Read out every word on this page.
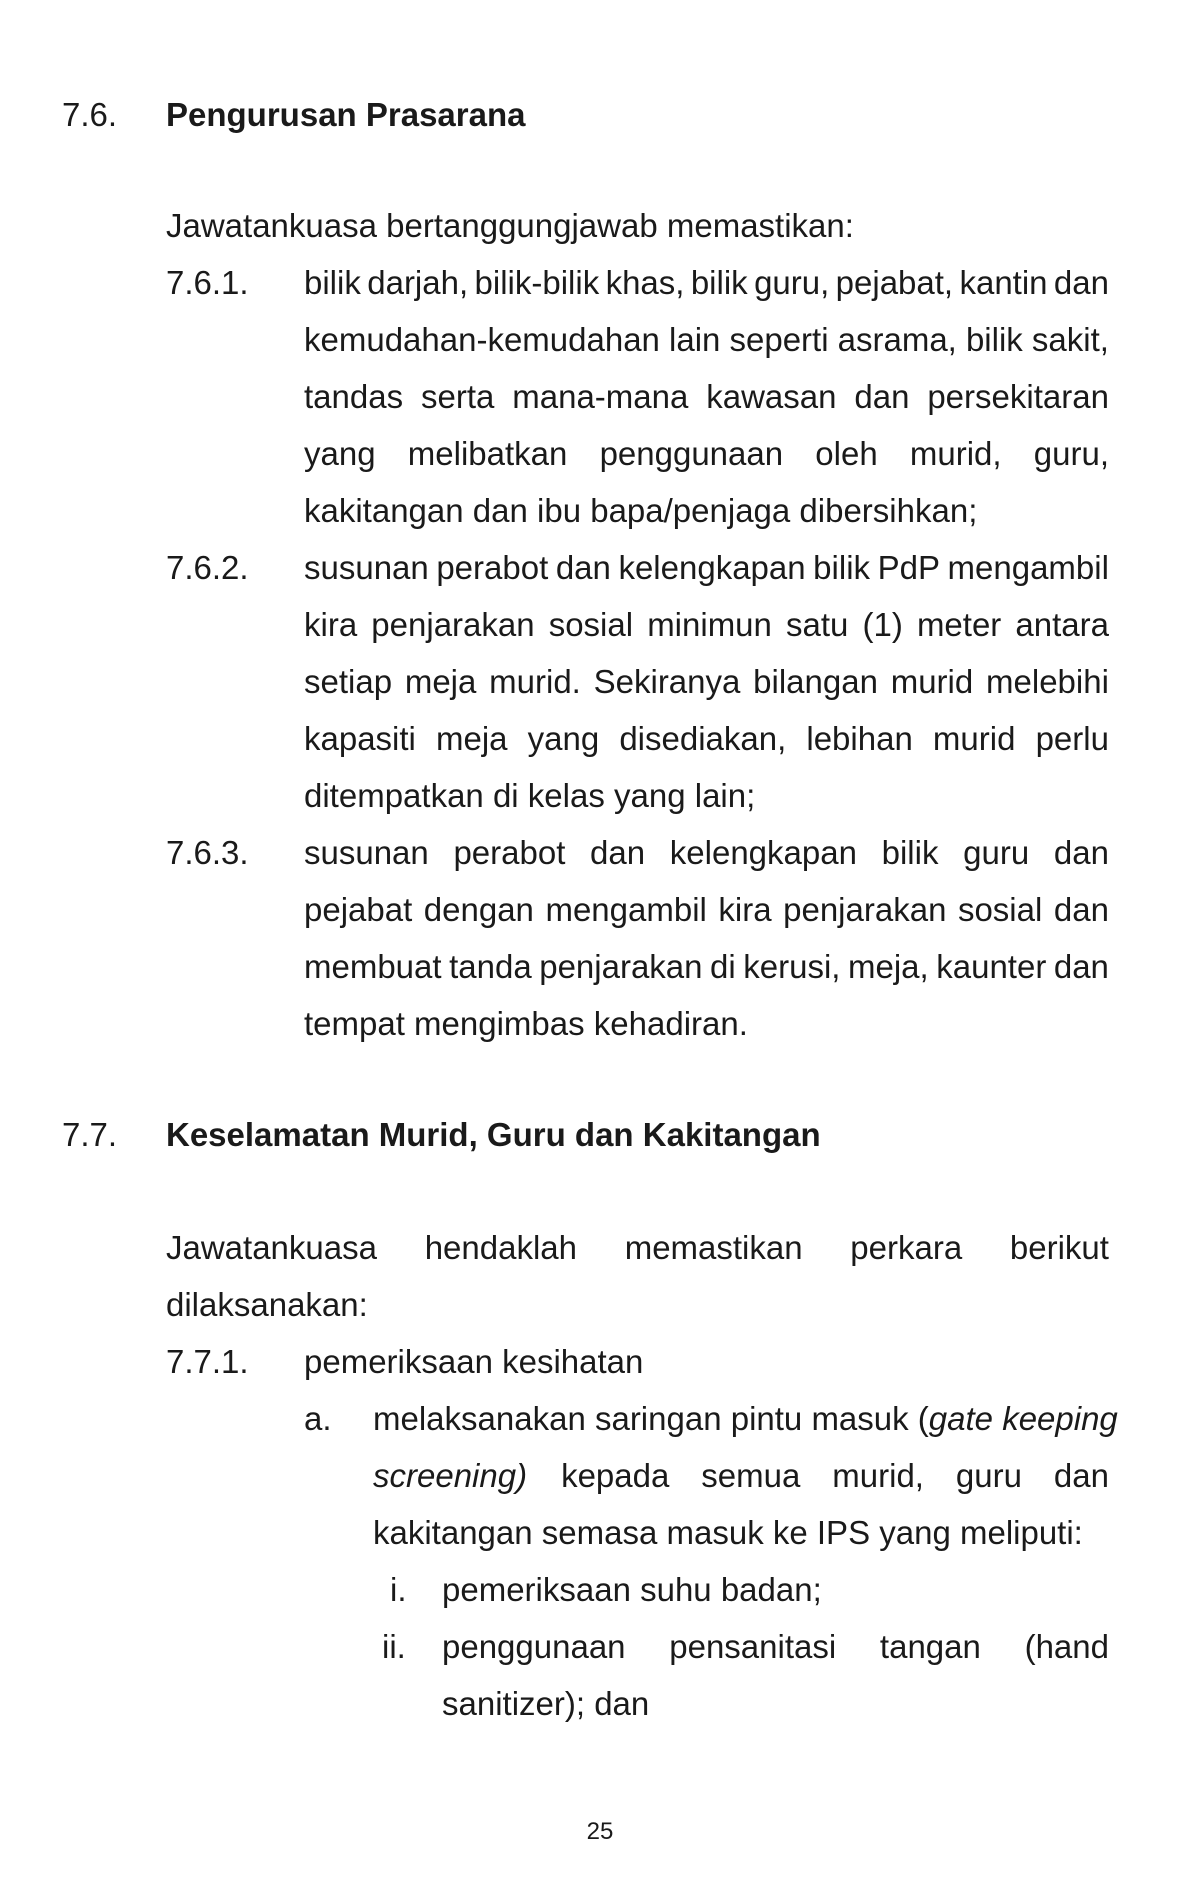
7.6. Pengurusan Prasarana
Jawatankuasa bertanggungjawab memastikan:
7.6.1. bilik darjah, bilik-bilik khas, bilik guru, pejabat, kantin dan
kemudahan-kemudahan lain seperti asrama, bilik sakit,
tandas serta mana-mana kawasan dan persekitaran
yang melibatkan penggunaan oleh murid, guru,
kakitangan dan ibu bapa/penjaga dibersihkan;
7.6.2. susunan perabot dan kelengkapan bilik PdP mengambil
kira penjarakan sosial minimun satu (1) meter antara
setiap meja murid. Sekiranya bilangan murid melebihi
kapasiti meja yang disediakan, lebihan murid perlu
ditempatkan di kelas yang lain;
7.6.3. susunan perabot dan kelengkapan bilik guru dan
pejabat dengan mengambil kira penjarakan sosial dan
membuat tanda penjarakan di kerusi, meja, kaunter dan
tempat mengimbas kehadiran.
7.7. Keselamatan Murid, Guru dan Kakitangan
Jawatankuasa hendaklah memastikan perkara berikut
dilaksanakan:
7.7.1. pemeriksaan kesihatan
a. melaksanakan saringan pintu masuk (gate keeping
screening) kepada semua murid, guru dan
kakitangan semasa masuk ke IPS yang meliputi:
i. pemeriksaan suhu badan;
ii. penggunaan pensanitasi tangan (hand
sanitizer); dan
25
